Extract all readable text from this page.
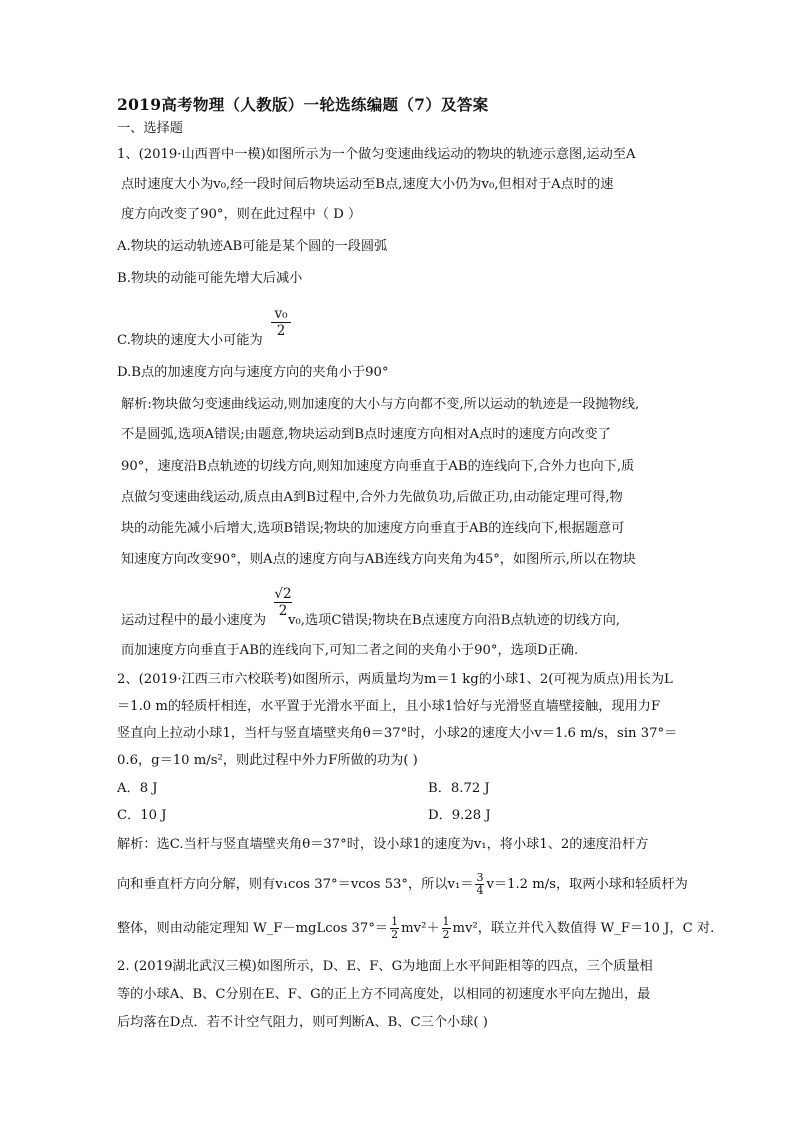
2019高考物理（人教版）一轮选练编题（7）及答案
一、选择题
1、(2019·山西晋中一模)如图所示为一个做匀变速曲线运动的物块的轨迹示意图,运动至A
点时速度大小为v₀,经一段时间后物块运动至B点,速度大小仍为v₀,但相对于A点时的速
度方向改变了90°，则在此过程中（ D ）
A.物块的运动轨迹AB可能是某个圆的一段圆弧
B.物块的动能可能先增大后减小
$\frac{\text{v₀}}{2}$
C.物块的速度大小可能为
D.B点的加速度方向与速度方向的夹角小于90°
解析:物块做匀变速曲线运动,则加速度的大小与方向都不变,所以运动的轨迹是一段抛物线,
不是圆弧,选项A错误;由题意,物块运动到B点时速度方向相对A点时的速度方向改变了
90°，速度沿B点轨迹的切线方向,则知加速度方向垂直于AB的连线向下,合外力也向下,质
点做匀变速曲线运动,质点由A到B过程中,合外力先做负功,后做正功,由动能定理可得,物
块的动能先减小后增大,选项B错误;物块的加速度方向垂直于AB的连线向下,根据题意可
知速度方向改变90°，则A点的速度方向与AB连线方向夹角为45°，如图所示,所以在物块
$\frac{√2}{2}$
运动过程中的最小速度为 v₀,选项C错误;物块在B点速度方向沿B点轨迹的切线方向,
而加速度方向垂直于AB的连线向下,可知二者之间的夹角小于90°，选项D正确.
2、(2019·江西三市六校联考)如图所示，两质量均为m＝1 kg的小球1、2(可视为质点)用长为L
＝1.0 m的轻质杆相连，水平置于光滑水平面上，且小球1恰好与光滑竖直墙壁接触，现用力F
竖直向上拉动小球1，当杆与竖直墙壁夹角θ＝37°时，小球2的速度大小v＝1.6 m/s，sin 37°＝
0.6，g＝10 m/s²，则此过程中外力F所做的功为( )
A．8 J	B．8.72 J
C．10 J	D．9.28 J
解析：选C.当杆与竖直墙壁夹角θ＝37°时，设小球1的速度为v₁，将小球1、2的速度沿杆方
向和垂直杆方向分解，则有v₁cos 37°＝vcos 53°，所以$v_1= \frac{3}{4} v=1.2$ m/s，取两小球和轻质杆为
整体，则由动能定理知 W_F－mgLcos $37^\circ= \frac{1}{2} mv^2+ \frac{1}{2} mv^2$，联立并代入数值得 W_F＝10 J，C 对.
2. (2019湖北武汉三模)如图所示，D、E、F、G为地面上水平间距相等的四点，三个质量相
等的小球A、B、C分别在E、F、G的正上方不同高度处，以相同的初速度水平向左抛出，最
后均落在D点．若不计空气阻力，则可判断A、B、C三个小球( )
